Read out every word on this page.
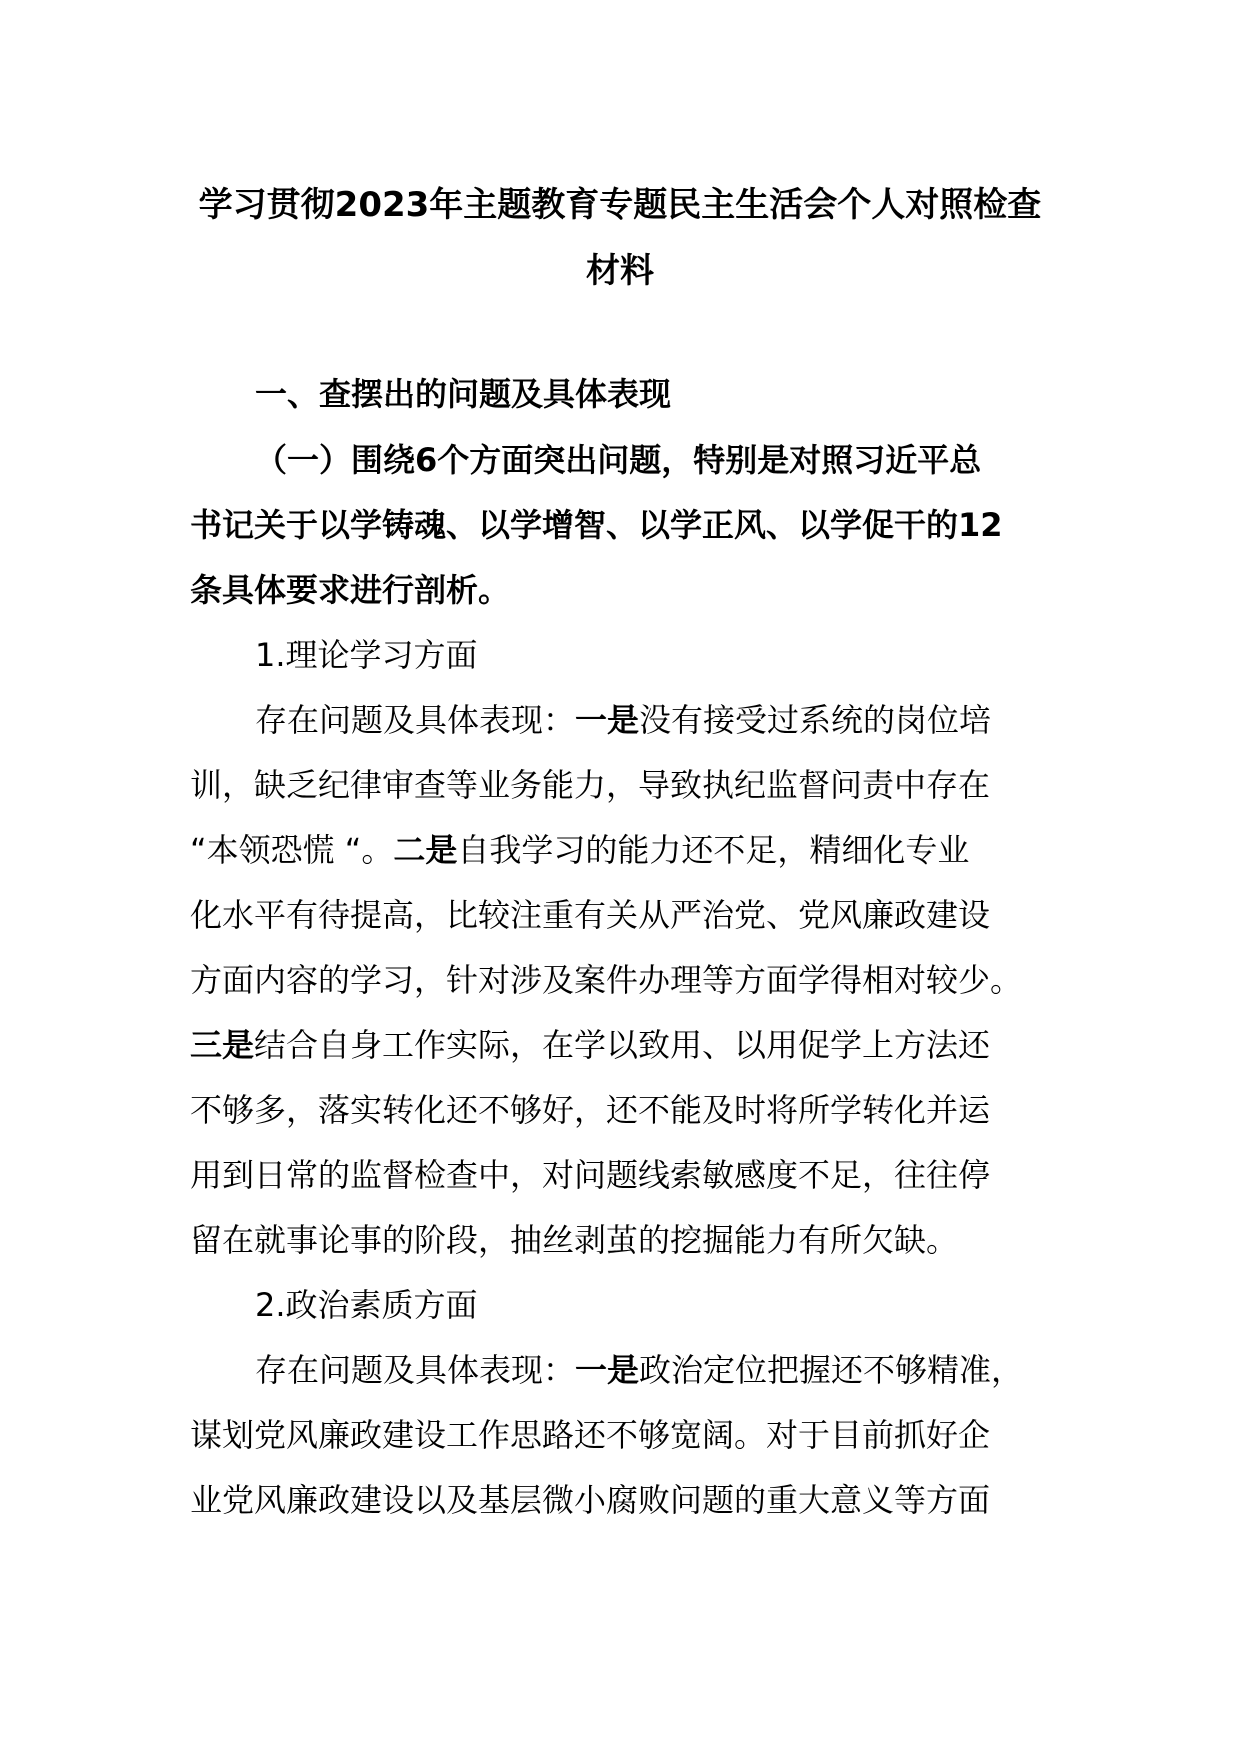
学习贯彻2023年主题教育专题民主生活会个人对照检查
材料
一、查摆出的问题及具体表现
（一）围绕6个方面突出问题，特别是对照习近平总
书记关于以学铸魂、以学增智、以学正风、以学促干的12
条具体要求进行剖析。
1.理论学习方面
存在问题及具体表现：一是没有接受过系统的岗位培
训，缺乏纪律审查等业务能力，导致执纪监督问责中存在
“本领恐慌 “。二是自我学习的能力还不足，精细化专业
化水平有待提高，比较注重有关从严治党、党风廉政建设
方面内容的学习，针对涉及案件办理等方面学得相对较少。
三是结合自身工作实际，在学以致用、以用促学上方法还
不够多，落实转化还不够好，还不能及时将所学转化并运
用到日常的监督检查中，对问题线索敏感度不足，往往停
留在就事论事的阶段，抽丝剥茧的挖掘能力有所欠缺。
2.政治素质方面
存在问题及具体表现：一是政治定位把握还不够精准，
谋划党风廉政建设工作思路还不够宽阔。对于目前抓好企
业党风廉政建设以及基层微小腐败问题的重大意义等方面
